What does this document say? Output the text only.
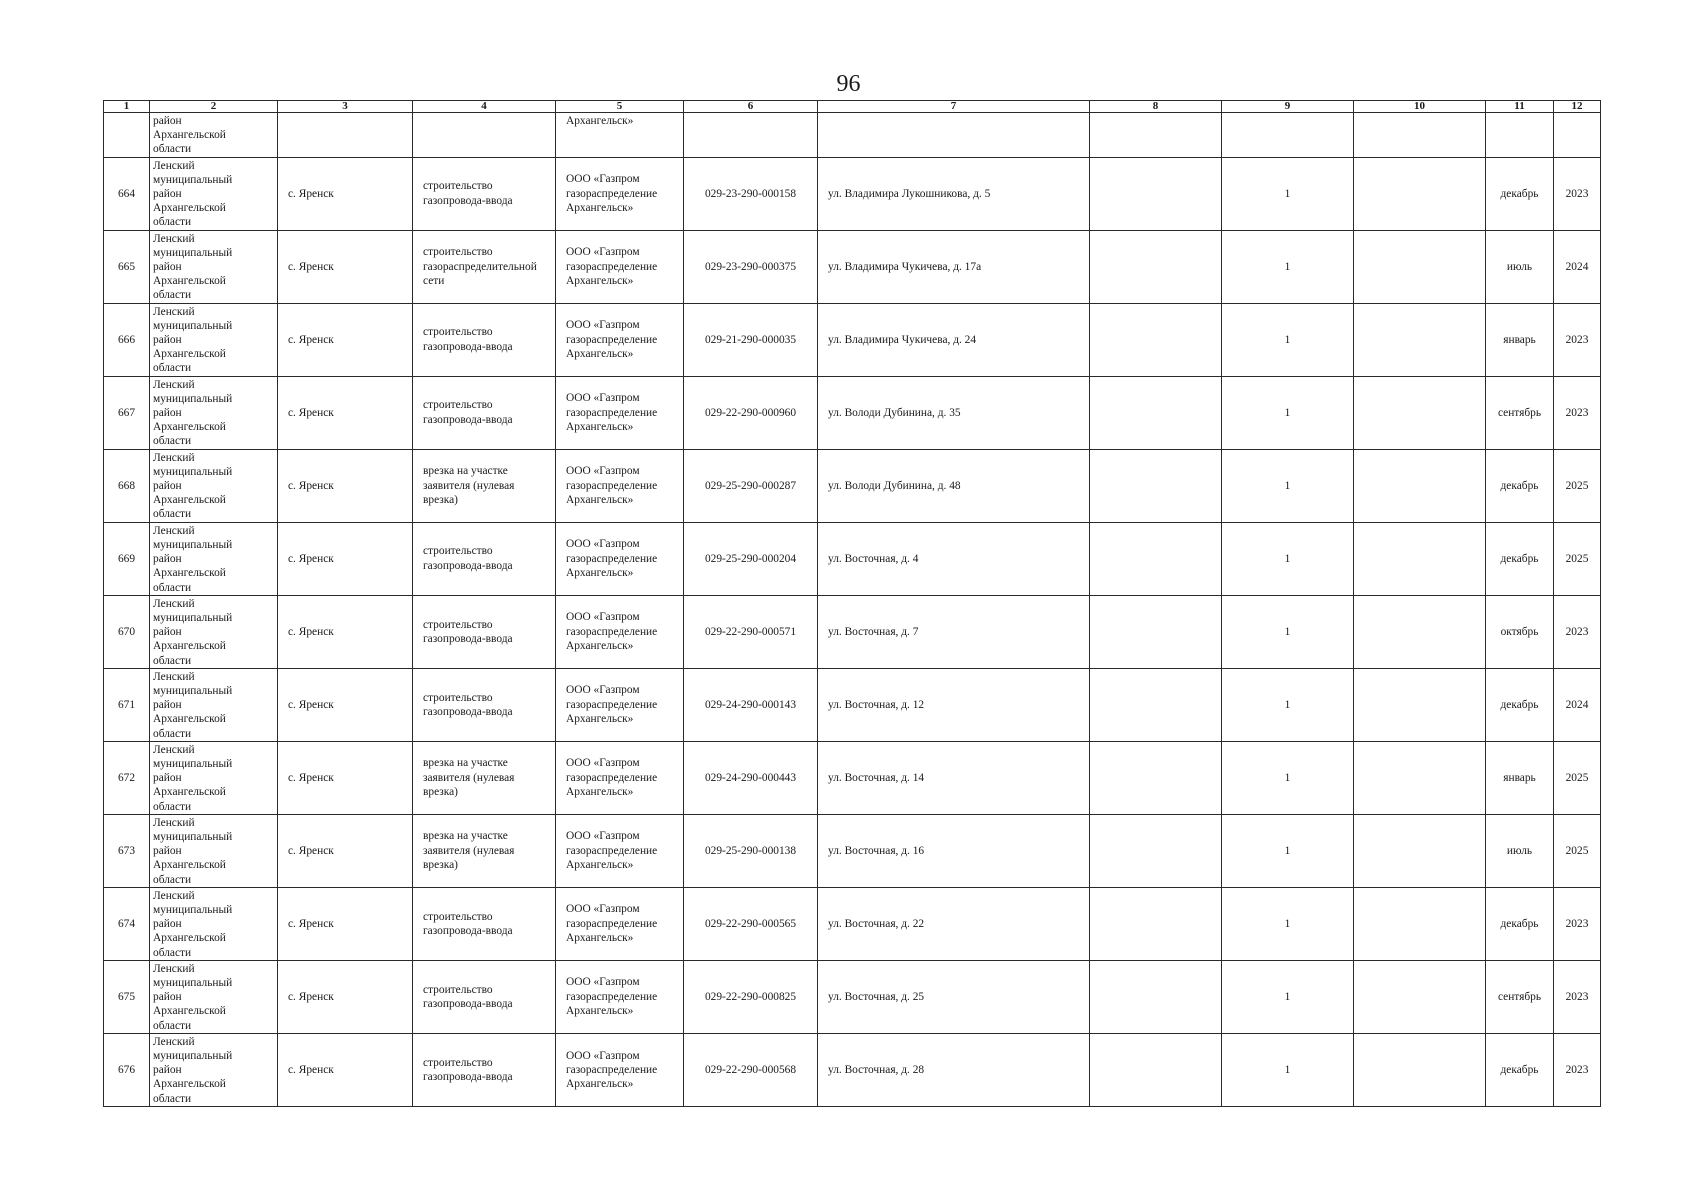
96
1	2	3	4	5	6	7	8	9	10	11	12
	район
Архангельской
области			Архангельск»							
664	Ленский
муниципальный
район
Архангельской
области	с. Яренск	строительство
газопровода-ввода	ООО «Газпром
газораспределение
Архангельск»	029-23-290-000158	ул. Владимира Лукошникова, д. 5		1		декабрь	2023
665	Ленский
муниципальный
район
Архангельской
области	с. Яренск	строительство
газораспределительной
сети	ООО «Газпром
газораспределение
Архангельск»	029-23-290-000375	ул. Владимира Чукичева, д. 17а		1		июль	2024
666	Ленский
муниципальный
район
Архангельской
области	с. Яренск	строительство
газопровода-ввода	ООО «Газпром
газораспределение
Архангельск»	029-21-290-000035	ул. Владимира Чукичева, д. 24		1		январь	2023
667	Ленский
муниципальный
район
Архангельской
области	с. Яренск	строительство
газопровода-ввода	ООО «Газпром
газораспределение
Архангельск»	029-22-290-000960	ул. Володи Дубинина, д. 35		1		сентябрь	2023
668	Ленский
муниципальный
район
Архангельской
области	с. Яренск	врезка на участке
заявителя (нулевая
врезка)	ООО «Газпром
газораспределение
Архангельск»	029-25-290-000287	ул. Володи Дубинина, д. 48		1		декабрь	2025
669	Ленский
муниципальный
район
Архангельской
области	с. Яренск	строительство
газопровода-ввода	ООО «Газпром
газораспределение
Архангельск»	029-25-290-000204	ул. Восточная, д. 4		1		декабрь	2025
670	Ленский
муниципальный
район
Архангельской
области	с. Яренск	строительство
газопровода-ввода	ООО «Газпром
газораспределение
Архангельск»	029-22-290-000571	ул. Восточная, д. 7		1		октябрь	2023
671	Ленский
муниципальный
район
Архангельской
области	с. Яренск	строительство
газопровода-ввода	ООО «Газпром
газораспределение
Архангельск»	029-24-290-000143	ул. Восточная, д. 12		1		декабрь	2024
672	Ленский
муниципальный
район
Архангельской
области	с. Яренск	врезка на участке
заявителя (нулевая
врезка)	ООО «Газпром
газораспределение
Архангельск»	029-24-290-000443	ул. Восточная, д. 14		1		январь	2025
673	Ленский
муниципальный
район
Архангельской
области	с. Яренск	врезка на участке
заявителя (нулевая
врезка)	ООО «Газпром
газораспределение
Архангельск»	029-25-290-000138	ул. Восточная, д. 16		1		июль	2025
674	Ленский
муниципальный
район
Архангельской
области	с. Яренск	строительство
газопровода-ввода	ООО «Газпром
газораспределение
Архангельск»	029-22-290-000565	ул. Восточная, д. 22		1		декабрь	2023
675	Ленский
муниципальный
район
Архангельской
области	с. Яренск	строительство
газопровода-ввода	ООО «Газпром
газораспределение
Архангельск»	029-22-290-000825	ул. Восточная, д. 25		1		сентябрь	2023
676	Ленский
муниципальный
район
Архангельской
области	с. Яренск	строительство
газопровода-ввода	ООО «Газпром
газораспределение
Архангельск»	029-22-290-000568	ул. Восточная, д. 28		1		декабрь	2023
